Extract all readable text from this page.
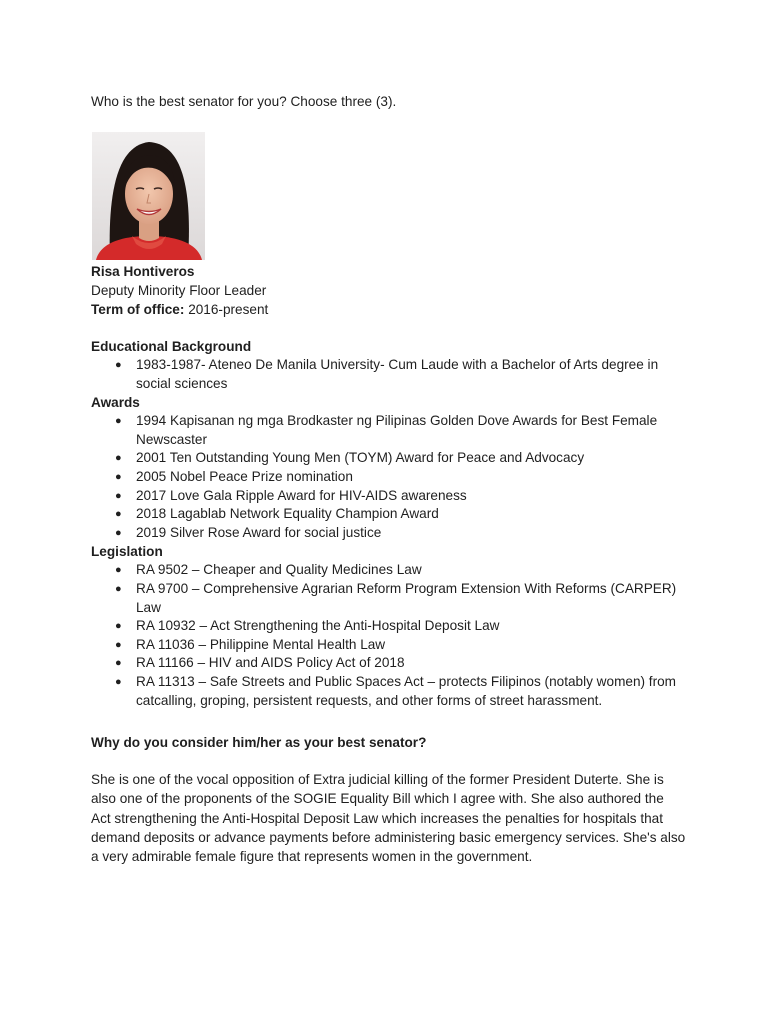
Who is the best senator for you? Choose three (3).
Risa Hontiveros
Deputy Minority Floor Leader
Term of office: 2016-present
Educational Background
● 1983-1987- Ateneo De Manila University- Cum Laude with a Bachelor of Arts degree in social sciences
Awards
● 1994 Kapisanan ng mga Brodkaster ng Pilipinas Golden Dove Awards for Best Female Newscaster
● 2001 Ten Outstanding Young Men (TOYM) Award for Peace and Advocacy
● 2005 Nobel Peace Prize nomination
● 2017 Love Gala Ripple Award for HIV-AIDS awareness
● 2018 Lagablab Network Equality Champion Award
● 2019 Silver Rose Award for social justice
Legislation
● RA 9502 – Cheaper and Quality Medicines Law
● RA 9700 – Comprehensive Agrarian Reform Program Extension With Reforms (CARPER) Law
● RA 10932 – Act Strengthening the Anti-Hospital Deposit Law
● RA 11036 – Philippine Mental Health Law
● RA 11166 – HIV and AIDS Policy Act of 2018
● RA 11313 – Safe Streets and Public Spaces Act – protects Filipinos (notably women) from catcalling, groping, persistent requests, and other forms of street harassment.
Why do you consider him/her as your best senator?
She is one of the vocal opposition of Extra judicial killing of the former President Duterte. She is also one of the proponents of the SOGIE Equality Bill which I agree with. She also authored the Act strengthening the Anti-Hospital Deposit Law which increases the penalties for hospitals that demand deposits or advance payments before administering basic emergency services. She's also a very admirable female figure that represents women in the government.
